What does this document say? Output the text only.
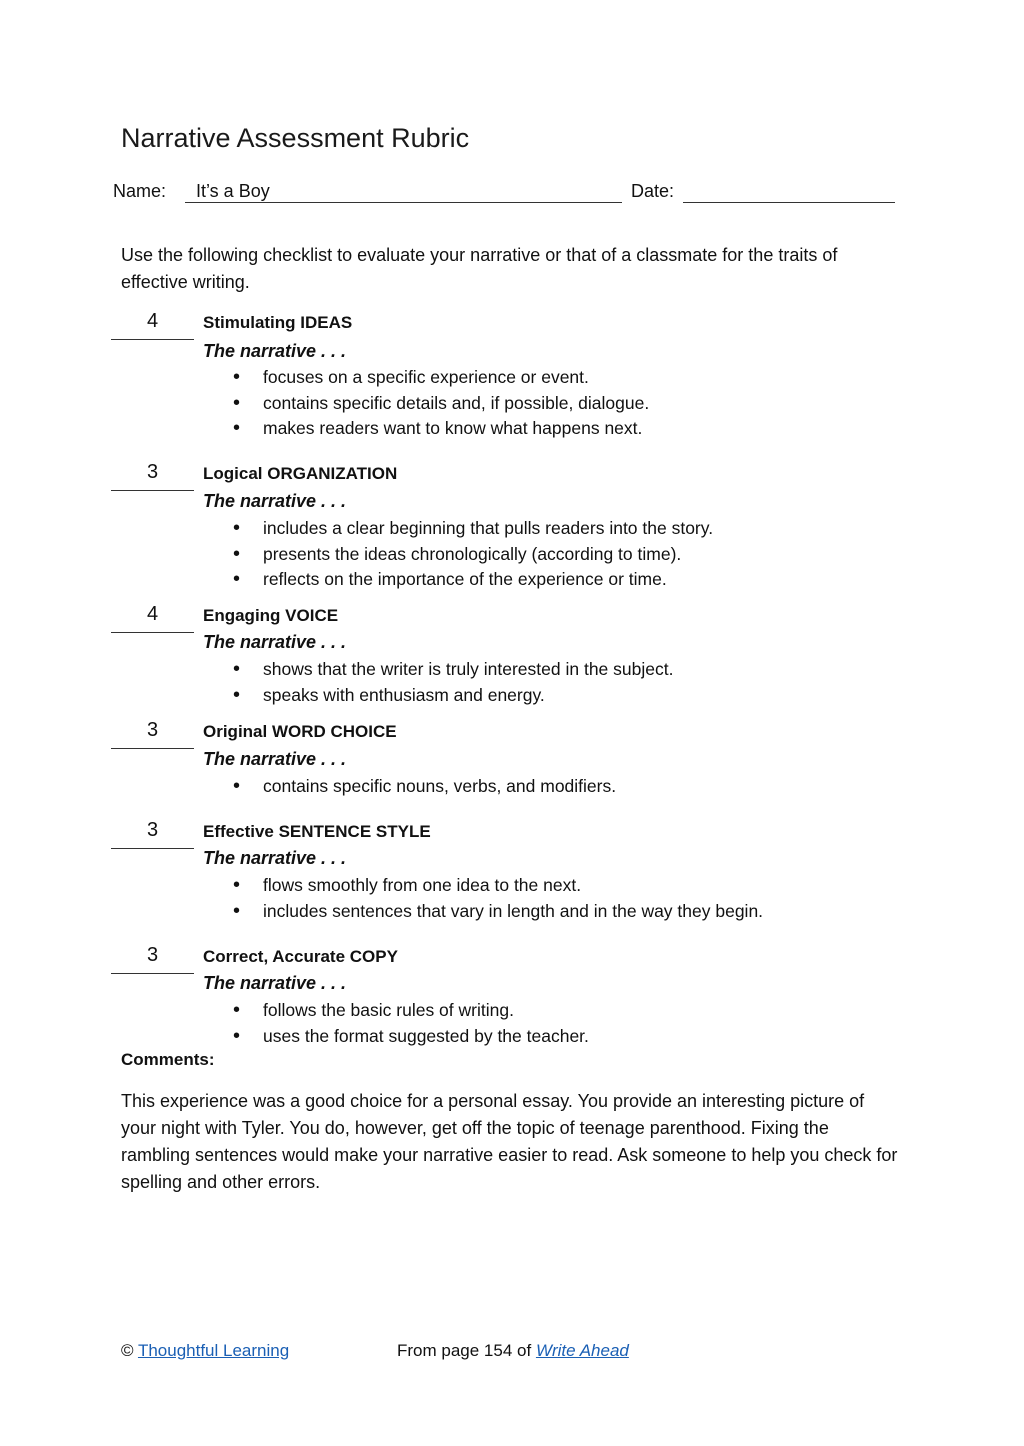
Narrative Assessment Rubric
Name: It’s a Boy	Date:
Use the following checklist to evaluate your narrative or that of a classmate for the traits of effective writing.
4	Stimulating IDEAS
The narrative . . .
• focuses on a specific experience or event.
• contains specific details and, if possible, dialogue.
• makes readers want to know what happens next.
3	Logical ORGANIZATION
The narrative . . .
• includes a clear beginning that pulls readers into the story.
• presents the ideas chronologically (according to time).
• reflects on the importance of the experience or time.
4	Engaging VOICE
The narrative . . .
• shows that the writer is truly interested in the subject.
• speaks with enthusiasm and energy.
3	Original WORD CHOICE
The narrative . . .
• contains specific nouns, verbs, and modifiers.
3	Effective SENTENCE STYLE
The narrative . . .
• flows smoothly from one idea to the next.
• includes sentences that vary in length and in the way they begin.
3	Correct, Accurate COPY
The narrative . . .
• follows the basic rules of writing.
• uses the format suggested by the teacher.
Comments:
This experience was a good choice for a personal essay. You provide an interesting picture of your night with Tyler. You do, however, get off the topic of teenage parenthood. Fixing the rambling sentences would make your narrative easier to read. Ask someone to help you check for spelling and other errors.
© Thoughtful Learning	From page 154 of Write Ahead
